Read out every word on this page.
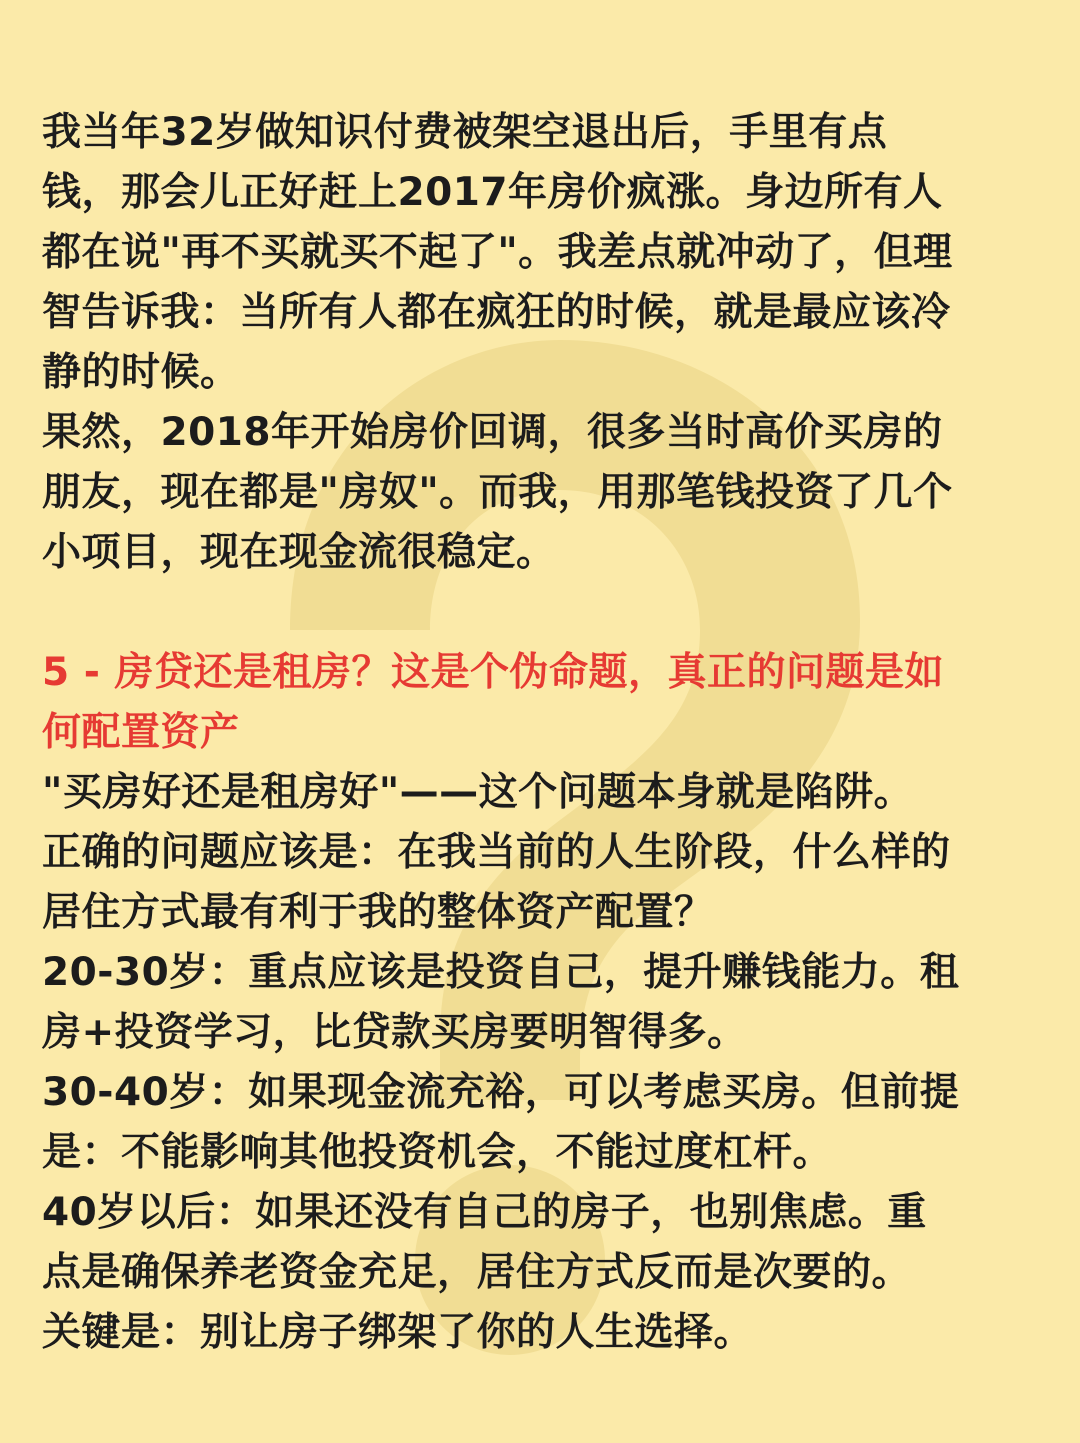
我当年32岁做知识付费被架空退出后，手里有点

钱，那会儿正好赶上2017年房价疯涨。身边所有人

都在说"再不买就买不起了"。我差点就冲动了，但理

智告诉我：当所有人都在疯狂的时候，就是最应该冷

静的时候。

果然，2018年开始房价回调，很多当时高价买房的

朋友，现在都是"房奴"。而我，用那笔钱投资了几个

小项目，现在现金流很稳定。

5 - 房贷还是租房？这是个伪命题，真正的问题是如

何配置资产

"买房好还是租房好"——这个问题本身就是陷阱。

正确的问题应该是：在我当前的人生阶段，什么样的

居住方式最有利于我的整体资产配置？

20-30岁：重点应该是投资自己，提升赚钱能力。租

房+投资学习，比贷款买房要明智得多。

30-40岁：如果现金流充裕，可以考虑买房。但前提

是：不能影响其他投资机会，不能过度杠杆。

40岁以后：如果还没有自己的房子，也别焦虑。重

点是确保养老资金充足，居住方式反而是次要的。

关键是：别让房子绑架了你的人生选择。
